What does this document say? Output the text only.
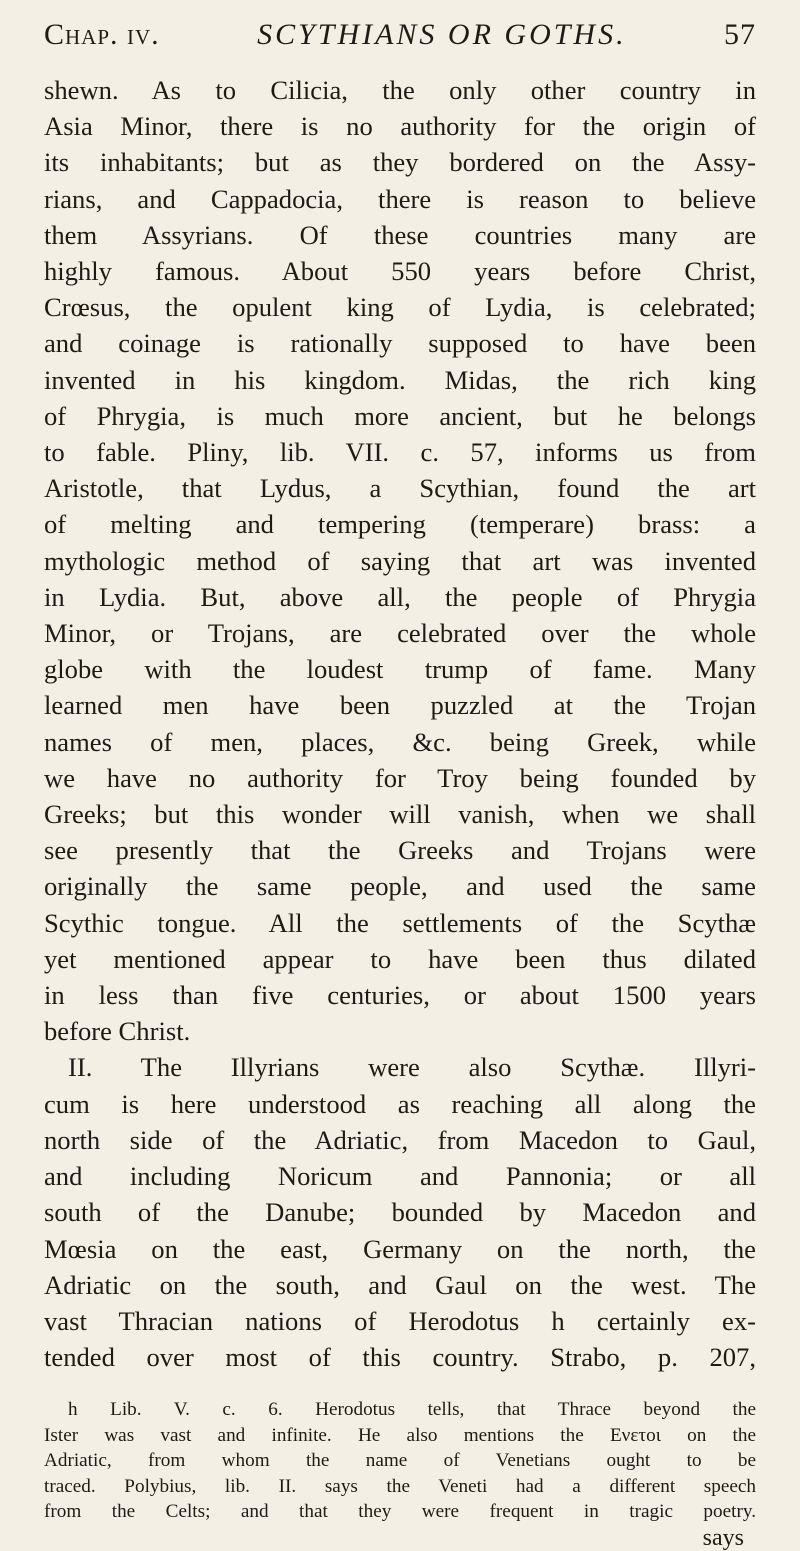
Chap. iv.	SCYTHIANS OR GOTHS.	57
shewn. As to Cilicia, the only other country in
Asia Minor, there is no authority for the origin of
its inhabitants; but as they bordered on the Assy-
rians, and Cappadocia, there is reason to believe
them Assyrians. Of these countries many are
highly famous. About 550 years before Christ,
Crœsus, the opulent king of Lydia, is celebrated;
and coinage is rationally supposed to have been
invented in his kingdom. Midas, the rich king
of Phrygia, is much more ancient, but he belongs
to fable. Pliny, lib. VII. c. 57, informs us from
Aristotle, that Lydus, a Scythian, found the art
of melting and tempering (temperare) brass: a
mythologic method of saying that art was invented
in Lydia. But, above all, the people of Phrygia
Minor, or Trojans, are celebrated over the whole
globe with the loudest trump of fame. Many
learned men have been puzzled at the Trojan
names of men, places, &c. being Greek, while
we have no authority for Troy being founded by
Greeks; but this wonder will vanish, when we shall
see presently that the Greeks and Trojans were
originally the same people, and used the same
Scythic tongue. All the settlements of the Scythæ
yet mentioned appear to have been thus dilated
in less than five centuries, or about 1500 years
before Christ.
II. The Illyrians were also Scythæ. Illyri-
cum is here understood as reaching all along the
north side of the Adriatic, from Macedon to Gaul,
and including Noricum and Pannonia; or all
south of the Danube; bounded by Macedon and
Mœsia on the east, Germany on the north, the
Adriatic on the south, and Gaul on the west. The
vast Thracian nations of Herodotus h certainly ex-
tended over most of this country. Strabo, p. 207,
h Lib. V. c. 6. Herodotus tells, that Thrace beyond the
Ister was vast and infinite. He also mentions the Ενετοι on the
Adriatic, from whom the name of Venetians ought to be
traced. Polybius, lib. II. says the Veneti had a different speech
from the Celts; and that they were frequent in tragic poetry.
says
